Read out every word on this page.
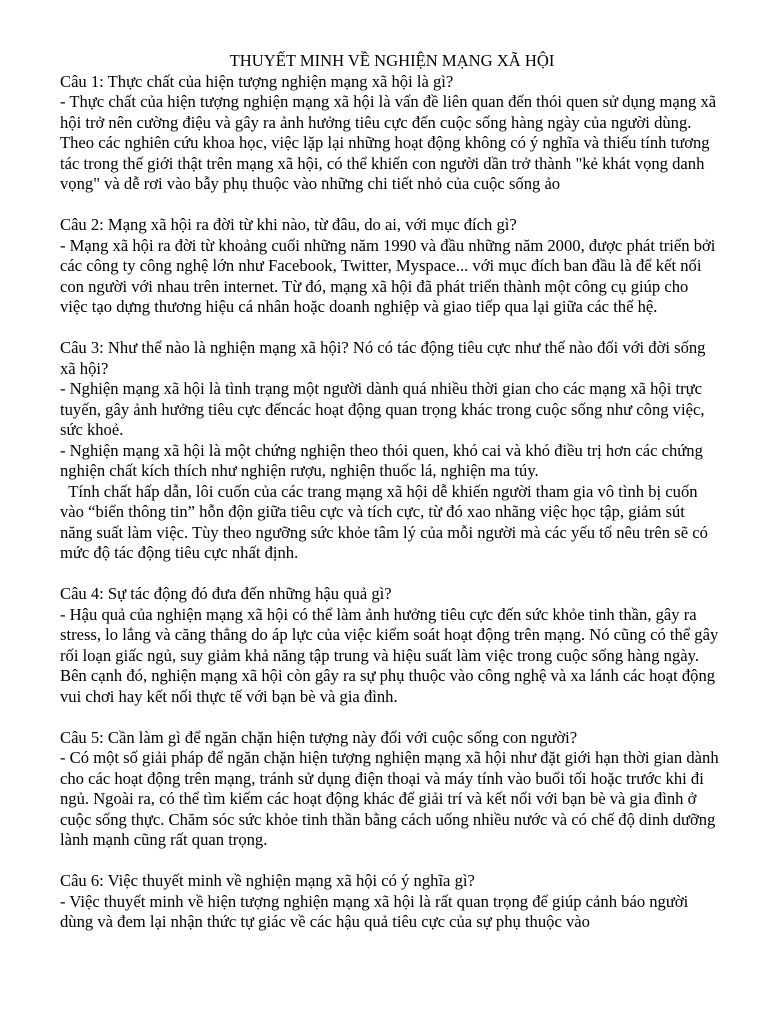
THUYẾT MINH VỀ NGHIỆN MẠNG XÃ HỘI

Câu 1: Thực chất của hiện tượng nghiện mạng xã hội là gì?

- Thực chất của hiện tượng nghiện mạng xã hội là vấn đề liên quan đến thói quen sử dụng mạng xã hội trở nên cường điệu và gây ra ảnh hưởng tiêu cực đến cuộc sống hàng ngày của người dùng. Theo các nghiên cứu khoa học, việc lặp lại những hoạt động không có ý nghĩa và thiếu tính tương tác trong thế giới thật trên mạng xã hội, có thể khiến con người dần trở thành "kẻ khát vọng danh vọng" và dễ rơi vào bẫy phụ thuộc vào những chi tiết nhỏ của cuộc sống ảo

Câu 2: Mạng xã hội ra đời từ khi nào, từ đâu, do ai, với mục đích gì?

- Mạng xã hội ra đời từ khoảng cuối những năm 1990 và đầu những năm 2000, được phát triển bởi các công ty công nghệ lớn như Facebook, Twitter, Myspace... với mục đích ban đầu là để kết nối con người với nhau trên internet. Từ đó, mạng xã hội đã phát triển thành một công cụ giúp cho việc tạo dựng thương hiệu cá nhân hoặc doanh nghiệp và giao tiếp qua lại giữa các thế hệ.

Câu 3: Như thế nào là nghiện mạng xã hội? Nó có tác động tiêu cực như thế nào đối với đời sống xã hội?

- Nghiện mạng xã hội là tình trạng một người dành quá nhiều thời gian cho các mạng xã hội trực tuyến, gây ảnh hưởng tiêu cực đếncác hoạt động quan trọng khác trong cuộc sống như công việc, sức khoẻ.

- Nghiện mạng xã hội là một chứng nghiện theo thói quen, khó cai và khó điều trị hơn các chứng nghiện chất kích thích như nghiện rượu, nghiện thuốc lá, nghiện ma túy.

Tính chất hấp dẫn, lôi cuốn của các trang mạng xã hội dễ khiến người tham gia vô tình bị cuốn vào “biển thông tin” hỗn độn giữa tiêu cực và tích cực, từ đó xao nhãng việc học tập, giảm sút năng suất làm việc. Tùy theo ngưỡng sức khỏe tâm lý của mỗi người mà các yếu tố nêu trên sẽ có mức độ tác động tiêu cực nhất định.

Câu 4: Sự tác động đó đưa đến những hậu quả gì?

- Hậu quả của nghiện mạng xã hội có thể làm ảnh hưởng tiêu cực đến sức khỏe tinh thần, gây ra stress, lo lắng và căng thẳng do áp lực của việc kiểm soát hoạt động trên mạng. Nó cũng có thể gây rối loạn giấc ngủ, suy giảm khả năng tập trung và hiệu suất làm việc trong cuộc sống hàng ngày. Bên cạnh đó, nghiện mạng xã hội còn gây ra sự phụ thuộc vào công nghệ và xa lánh các hoạt động vui chơi hay kết nối thực tế với bạn bè và gia đình.

Câu 5: Cần làm gì để ngăn chặn hiện tượng này đối với cuộc sống con người?

- Có một số giải pháp để ngăn chặn hiện tượng nghiện mạng xã hội như đặt giới hạn thời gian dành cho các hoạt động trên mạng, tránh sử dụng điện thoại và máy tính vào buổi tối hoặc trước khi đi ngủ. Ngoài ra, có thể tìm kiếm các hoạt động khác để giải trí và kết nối với bạn bè và gia đình ở cuộc sống thực. Chăm sóc sức khỏe tinh thần bằng cách uống nhiều nước và có chế độ dinh dưỡng lành mạnh cũng rất quan trọng.

Câu 6: Việc thuyết minh về nghiện mạng xã hội có ý nghĩa gì?

- Việc thuyết minh về hiện tượng nghiện mạng xã hội là rất quan trọng để giúp cảnh báo người dùng và đem lại nhận thức tự giác về các hậu quả tiêu cực của sự phụ thuộc vào
